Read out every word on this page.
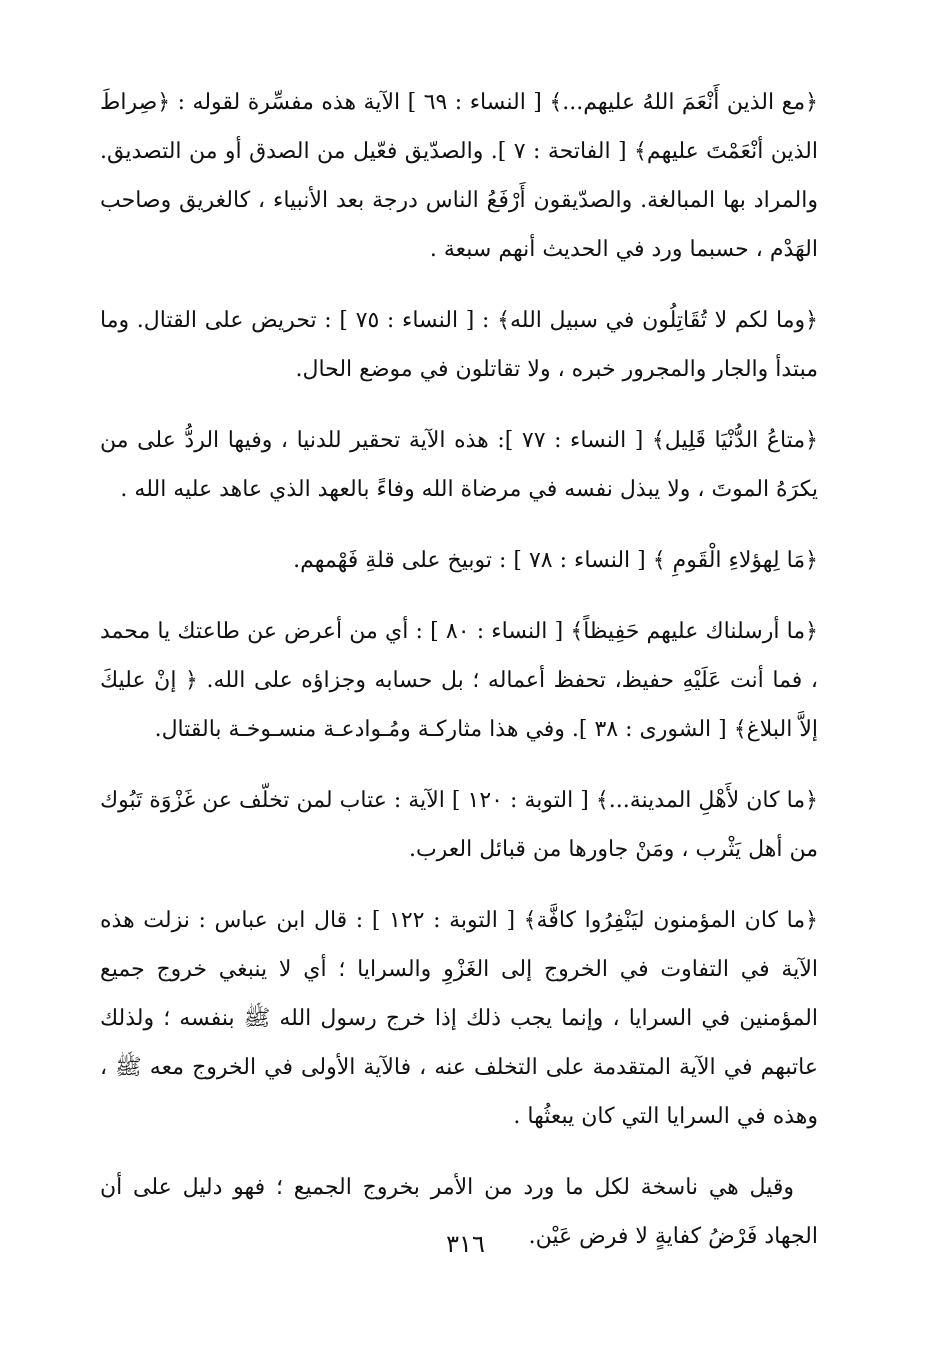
﴿مع الذين أَنْعَمَ اللهُ عليهم...﴾ [ النساء : ٦٩ ] الآية هذه مفسِّرة لقوله : ﴿صِراطَ الذين أنْعَمْتَ عليهم﴾ [ الفاتحة : ٧ ]. والصدّيق فعّيل من الصدق أو من التصديق. والمراد بها المبالغة. والصدّيقون أَرْفَعُ الناس درجة بعد الأنبياء ، كالغريق وصاحب الهَدْم ، حسبما ورد في الحديث أنهم سبعة .

﴿وما لكم لا تُقَاتِلُون في سبيل الله﴾ : [ النساء : ٧٥ ] : تحريض على القتال. وما مبتدأ والجار والمجرور خبره ، ولا تقاتلون في موضع الحال.

﴿متاعُ الدُّنْيَا قَلِيل﴾ [ النساء : ٧٧ ]: هذه الآية تحقير للدنيا ، وفيها الردُّ على من يكرَهُ الموتَ ، ولا يبذل نفسه في مرضاة الله وفاءً بالعهد الذي عاهد عليه الله .

﴿مَا لِهؤلاءِ الْقَومِ ﴾ [ النساء : ٧٨ ] : توبيخ على قلةِ فَهْمهم.

﴿ما أرسلناك عليهم حَفِيظاً﴾ [ النساء : ٨٠ ] : أي من أعرض عن طاعتك يا محمد ، فما أنت عَلَيْهِ حفيظ، تحفظ أعماله ؛ بل حسابه وجزاؤه على الله. ﴿ إنْ عليكَ إلاَّ البلاغ﴾ [ الشورى : ٣٨ ]. وفي هذا مثاركـة ومُـوادعـة منسـوخـة بالقتال.

﴿ما كان لأَهْلِ المدينة...﴾ [ التوبة : ١٢٠ ] الآية : عتاب لمن تخلّف عن غَزْوَة تَبُوك من أهل يَثْرب ، ومَنْ جاورها من قبائل العرب.

﴿ما كان المؤمنون ليَنْفِرُوا كافَّة﴾ [ التوبة : ١٢٢ ] : قال ابن عباس : نزلت هذه الآية في التفاوت في الخروج إلى الغَزْوِ والسرايا ؛ أي لا ينبغي خروج جميع المؤمنين في السرايا ، وإنما يجب ذلك إذا خرج رسول الله ﷺ بنفسه ؛ ولذلك عاتبهم في الآية المتقدمة على التخلف عنه ، فالآية الأولى في الخروج معه ﷺ ، وهذه في السرايا التي كان يبعثُها .

وقيل هي ناسخة لكل ما ورد من الأمر بخروج الجميع ؛ فهو دليل على أن الجهاد فَرْضُ كفايةٍ لا فرض عَيْن.

٣١٦
